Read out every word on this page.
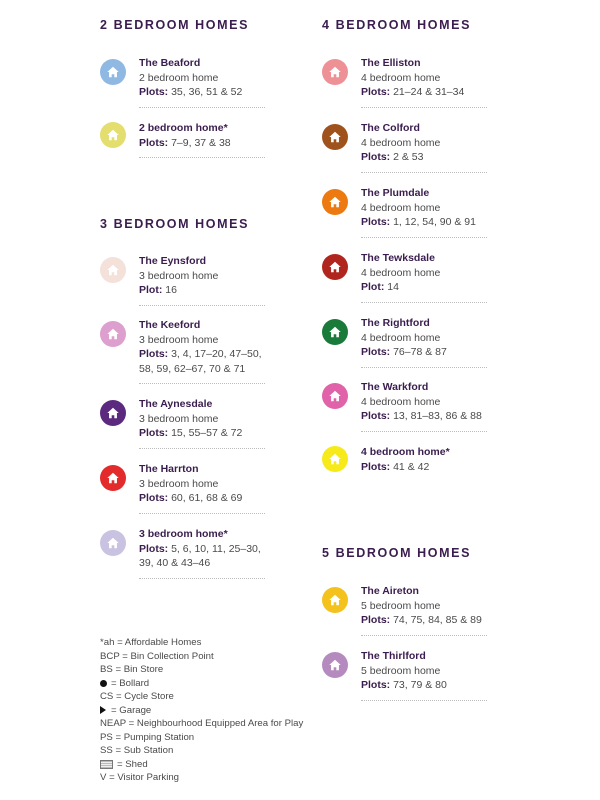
2 BEDROOM HOMES
The Beaford
2 bedroom home
Plots: 35, 36, 51 & 52
2 bedroom home*
Plots: 7–9, 37 & 38
3 BEDROOM HOMES
The Eynsford
3 bedroom home
Plot: 16
The Keeford
3 bedroom home
Plots: 3, 4, 17–20, 47–50, 58, 59, 62–67, 70 & 71
The Aynesdale
3 bedroom home
Plots: 15, 55–57 & 72
The Harrton
3 bedroom home
Plots: 60, 61, 68 & 69
3 bedroom home*
Plots: 5, 6, 10, 11, 25–30, 39, 40 & 43–46
4 BEDROOM HOMES
The Elliston
4 bedroom home
Plots: 21–24 & 31–34
The Colford
4 bedroom home
Plots: 2 & 53
The Plumdale
4 bedroom home
Plots: 1, 12, 54, 90 & 91
The Tewksdale
4 bedroom home
Plot: 14
The Rightford
4 bedroom home
Plots: 76–78 & 87
The Warkford
4 bedroom home
Plots: 13, 81–83, 86 & 88
4 bedroom home*
Plots: 41 & 42
5 BEDROOM HOMES
The Aireton
5 bedroom home
Plots: 74, 75, 84, 85 & 89
The Thirlford
5 bedroom home
Plots: 73, 79 & 80
*ah = Affordable Homes
BCP = Bin Collection Point
BS = Bin Store
= Bollard
CS = Cycle Store
= Garage
NEAP = Neighbourhood Equipped Area for Play
PS = Pumping Station
SS = Sub Station
= Shed
V = Visitor Parking
